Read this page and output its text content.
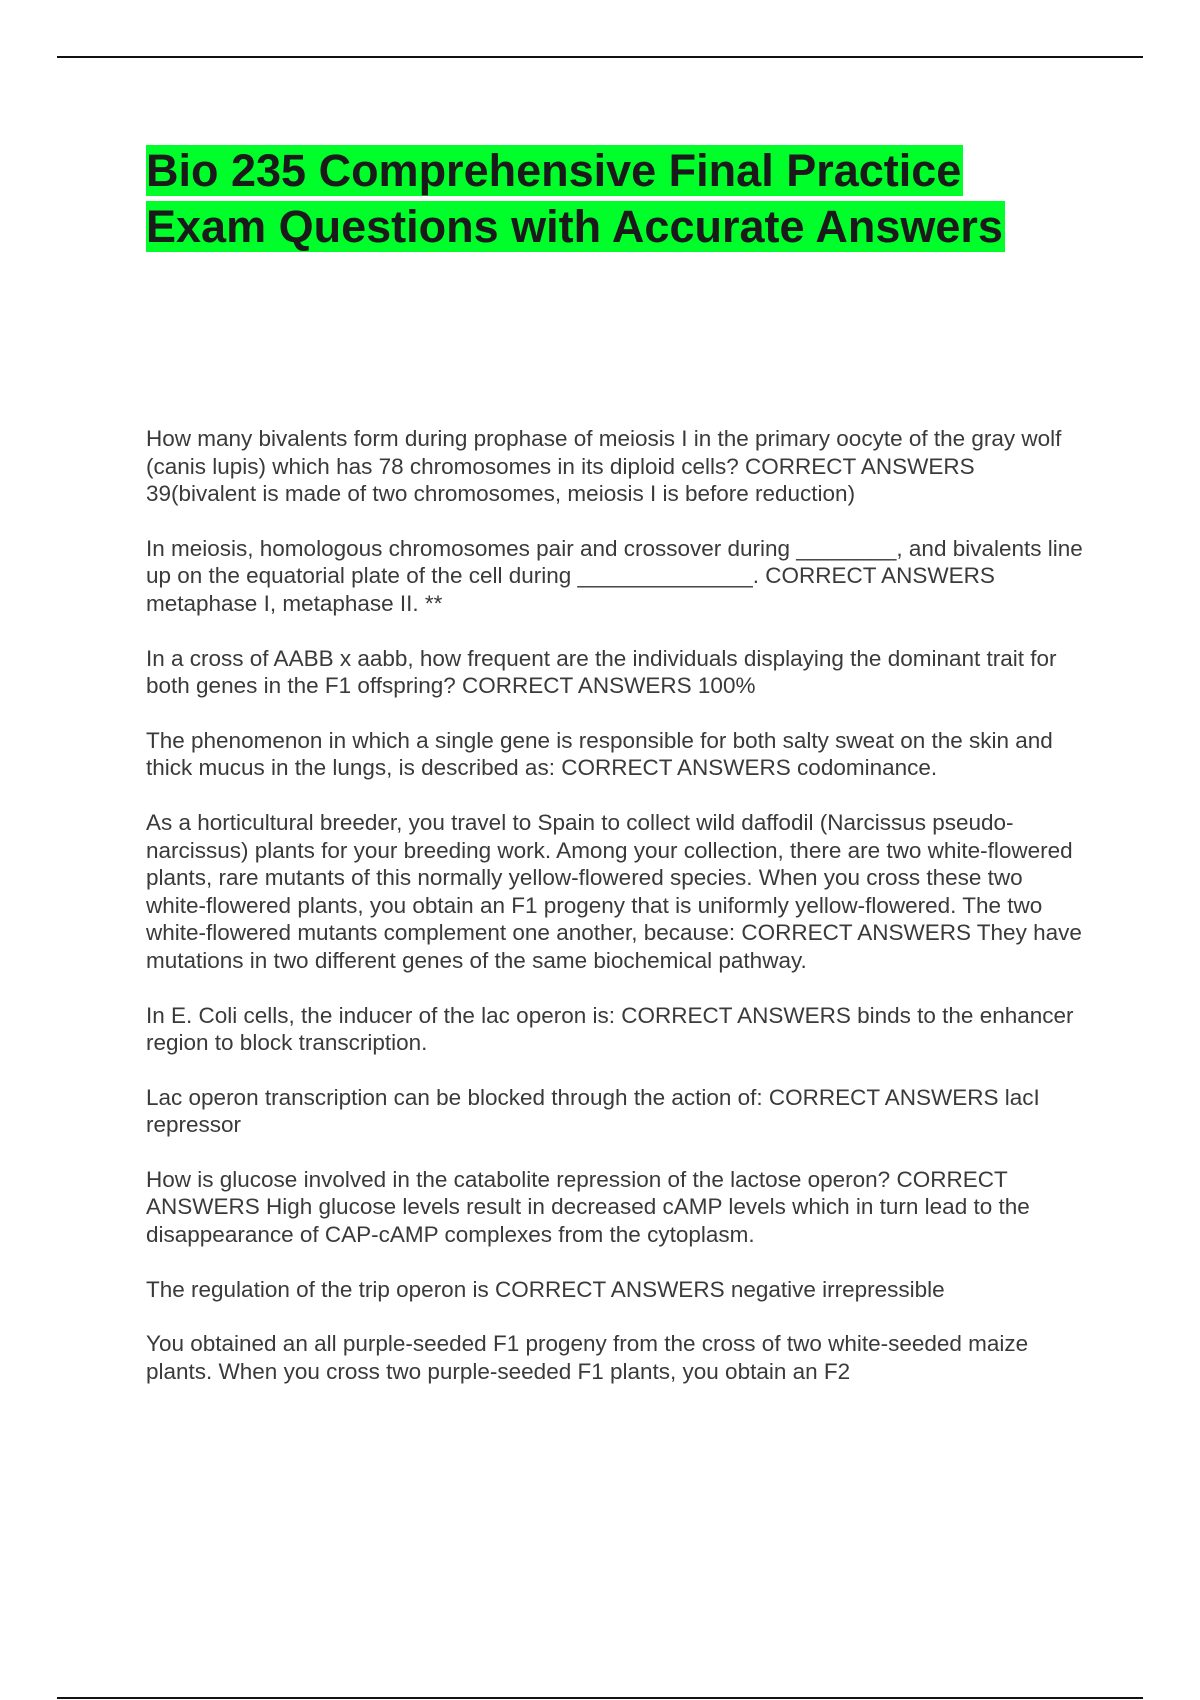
Bio 235 Comprehensive Final Practice
Exam Questions with Accurate Answers

How many bivalents form during prophase of meiosis I in the primary oocyte of the gray wolf (canis lupis) which has 78 chromosomes in its diploid cells? CORRECT ANSWERS 39(bivalent is made of two chromosomes, meiosis I is before reduction)

In meiosis, homologous chromosomes pair and crossover during ________, and bivalents line up on the equatorial plate of the cell during ______________. CORRECT ANSWERS metaphase I, metaphase II. **

In a cross of AABB x aabb, how frequent are the individuals displaying the dominant trait for both genes in the F1 offspring? CORRECT ANSWERS 100%

The phenomenon in which a single gene is responsible for both salty sweat on the skin and thick mucus in the lungs, is described as: CORRECT ANSWERS codominance.

As a horticultural breeder, you travel to Spain to collect wild daffodil (Narcissus pseudo-narcissus) plants for your breeding work. Among your collection, there are two white-flowered plants, rare mutants of this normally yellow-flowered species. When you cross these two white-flowered plants, you obtain an F1 progeny that is uniformly yellow-flowered. The two white-flowered mutants complement one another, because: CORRECT ANSWERS They have mutations in two different genes of the same biochemical pathway.

In E. Coli cells, the inducer of the lac operon is: CORRECT ANSWERS binds to the enhancer region to block transcription.

Lac operon transcription can be blocked through the action of: CORRECT ANSWERS lacI repressor

How is glucose involved in the catabolite repression of the lactose operon? CORRECT ANSWERS High glucose levels result in decreased cAMP levels which in turn lead to the disappearance of CAP-cAMP complexes from the cytoplasm.

The regulation of the trip operon is CORRECT ANSWERS negative irrepressible

You obtained an all purple-seeded F1 progeny from the cross of two white-seeded maize plants. When you cross two purple-seeded F1 plants, you obtain an F2
